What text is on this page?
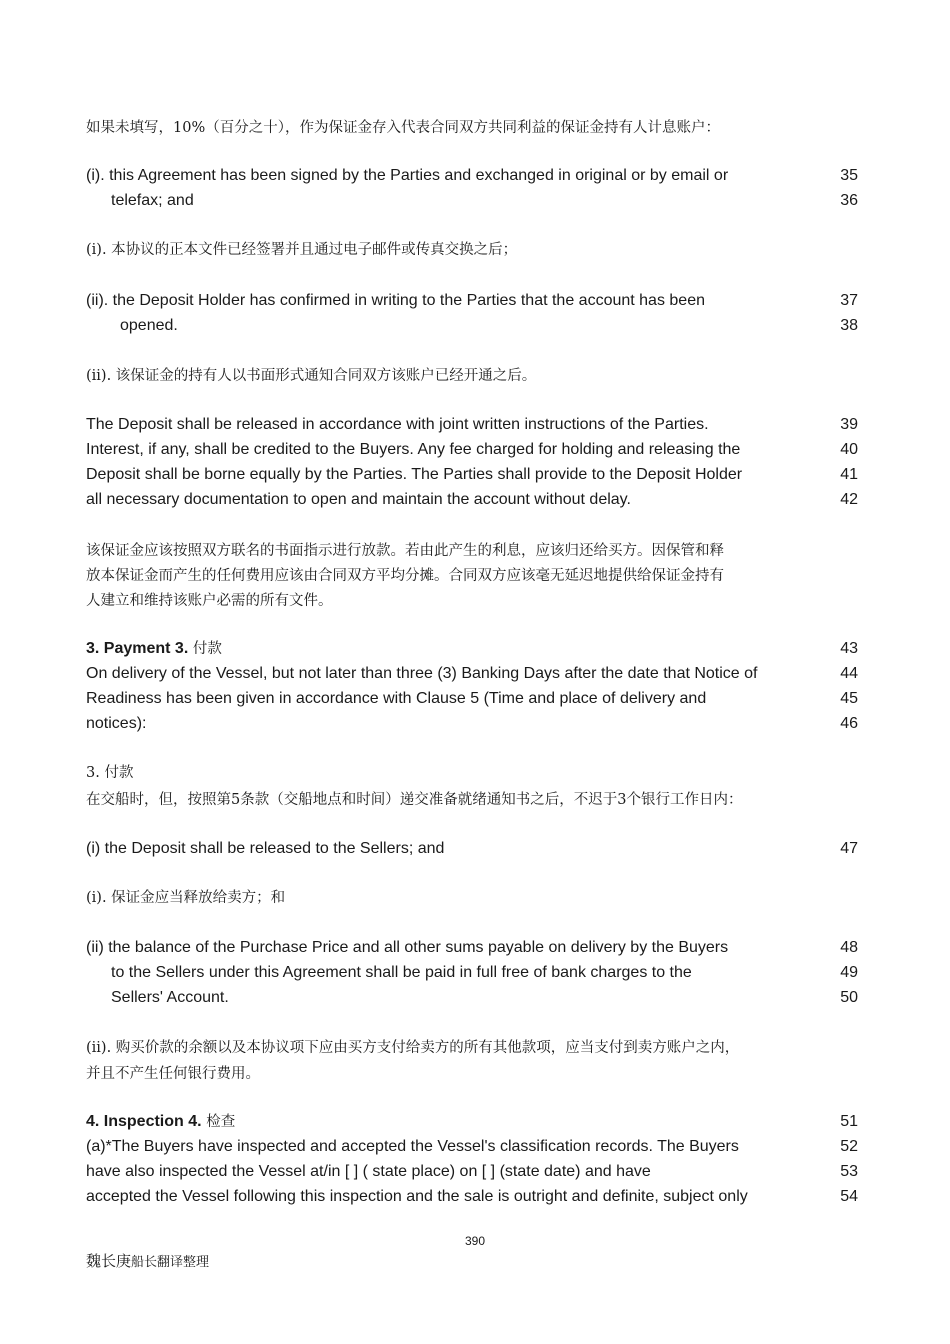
如果未填写，10%（百分之十），作为保证金存入代表合同双方共同利益的保证金持有人计息账户：
(i). this Agreement has been signed by the Parties and exchanged in original or by email or	35
telefax; and	36
(i). 本协议的正本文件已经签署并且通过电子邮件或传真交换之后；
(ii). the Deposit Holder has confirmed in writing to the Parties that the account has been	37
opened.	38
(ii). 该保证金的持有人以书面形式通知合同双方该账户已经开通之后。
The Deposit shall be released in accordance with joint written instructions of the Parties.	39
Interest, if any, shall be credited to the Buyers. Any fee charged for holding and releasing the	40
Deposit shall be borne equally by the Parties. The Parties shall provide to the Deposit Holder	41
all necessary documentation to open and maintain the account without delay.	42
该保证金应该按照双方联名的书面指示进行放款。若由此产生的利息，应该归还给买方。因保管和释
放本保证金而产生的任何费用应该由合同双方平均分摊。合同双方应该毫无延迟地提供给保证金持有
人建立和维持该账户必需的所有文件。
3. Payment 3. 付款	43
On delivery of the Vessel, but not later than three (3) Banking Days after the date that Notice of	44
Readiness has been given in accordance with Clause 5 (Time and place of delivery and	45
notices):	46
3. 付款
在交船时，但，按照第5条款（交船地点和时间）递交准备就绪通知书之后，不迟于3个银行工作日内：
(i) the Deposit shall be released to the Sellers; and	47
(i). 保证金应当释放给卖方；和
(ii) the balance of the Purchase Price and all other sums payable on delivery by the Buyers	48
to the Sellers under this Agreement shall be paid in full free of bank charges to the	49
Sellers' Account.	50
(ii). 购买价款的余额以及本协议项下应由买方支付给卖方的所有其他款项，应当支付到卖方账户之内，
并且不产生任何银行费用。
4. Inspection 4. 检查	51
(a)*The Buyers have inspected and accepted the Vessel's classification records. The Buyers	52
have also inspected the Vessel at/in [ ] ( state place) on [ ] (state date) and have	53
accepted the Vessel following this inspection and the sale is outright and definite, subject only	54
390
魏长庚船长翻译整理
